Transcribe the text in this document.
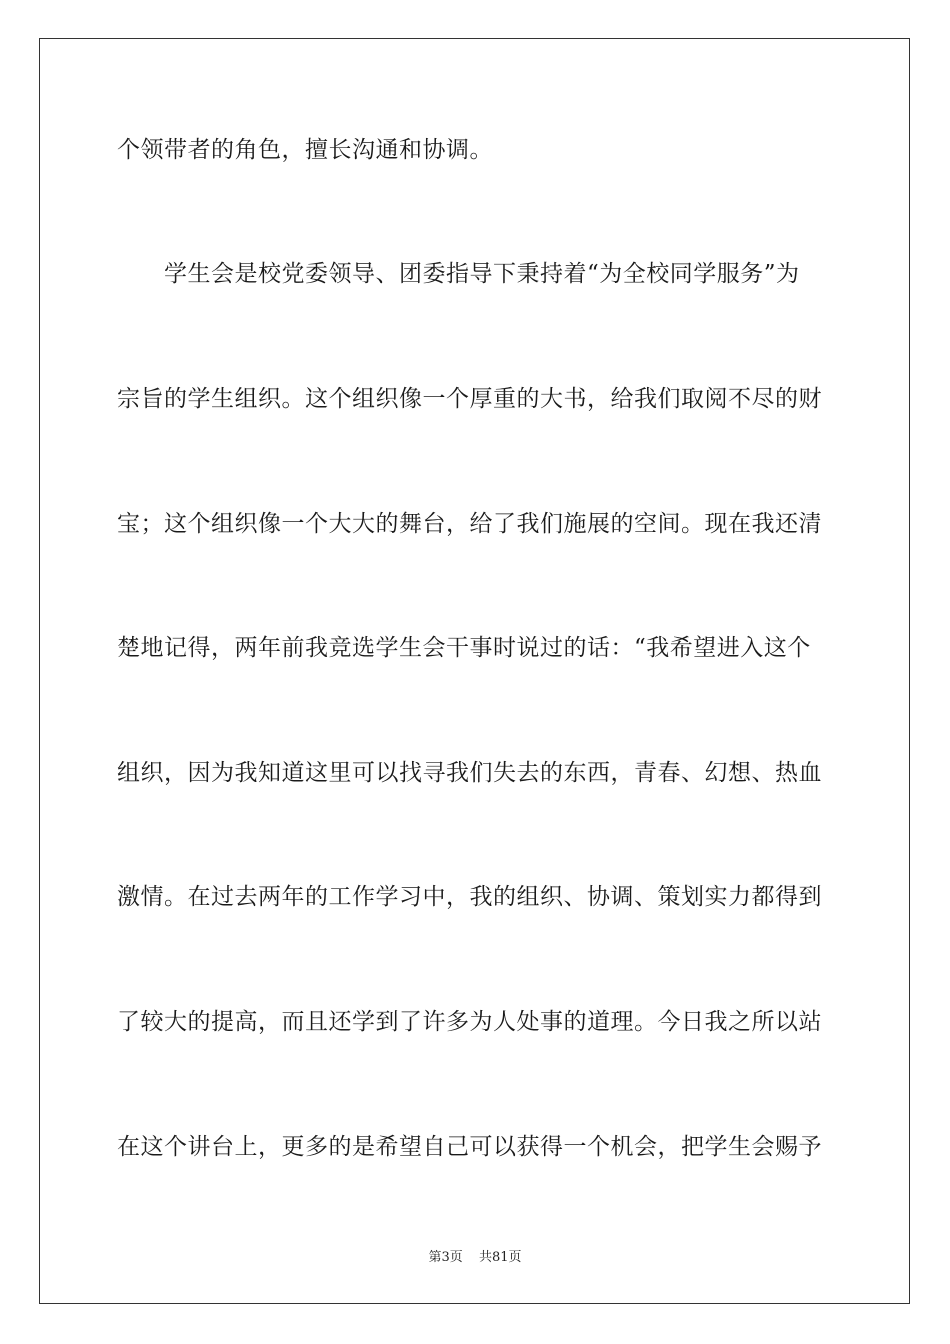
个领带者的角色，擅长沟通和协调。
学生会是校党委领导、团委指导下秉持着“为全校同学服务”为
宗旨的学生组织。这个组织像一个厚重的大书，给我们取阅不尽的财
宝；这个组织像一个大大的舞台，给了我们施展的空间。现在我还清
楚地记得，两年前我竞选学生会干事时说过的话：“我希望进入这个
组织，因为我知道这里可以找寻我们失去的东西，青春、幻想、热血
激情。在过去两年的工作学习中，我的组织、协调、策划实力都得到
了较大的提高，而且还学到了许多为人处事的道理。今日我之所以站
在这个讲台上，更多的是希望自己可以获得一个机会，把学生会赐予
第3页 共81页
